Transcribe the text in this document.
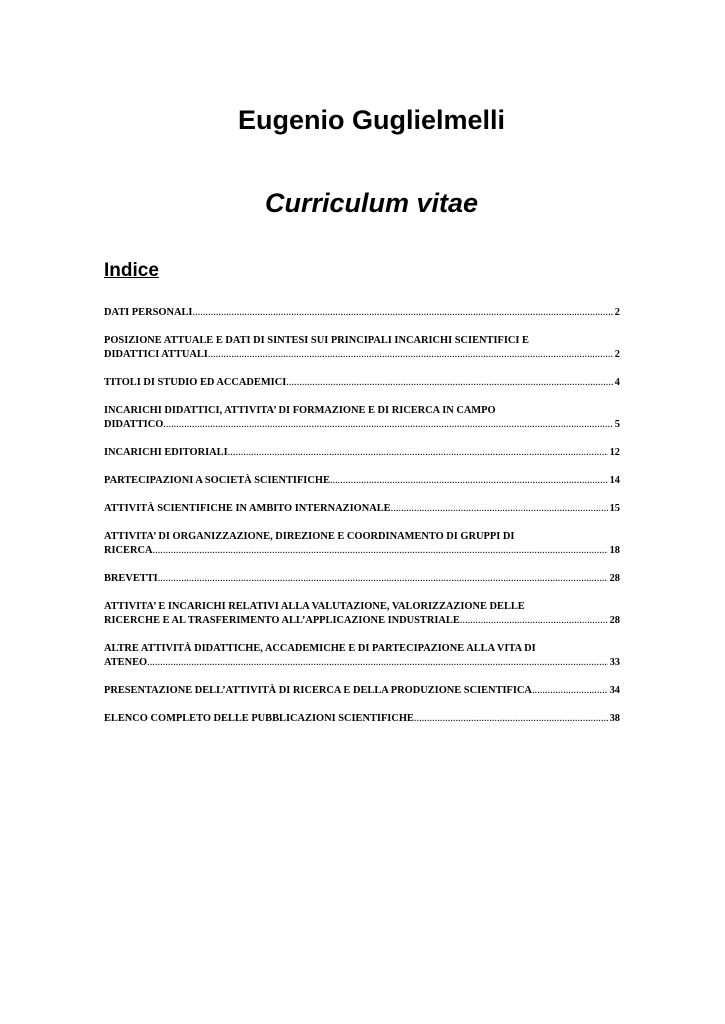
Eugenio Guglielmelli
Curriculum vitae
Indice
DATI PERSONALI .....	2
POSIZIONE ATTUALE E DATI DI SINTESI SUI PRINCIPALI INCARICHI SCIENTIFICI E
DIDATTICI ATTUALI .....	2
TITOLI DI STUDIO ED ACCADEMICI .....	4
INCARICHI DIDATTICI, ATTIVITA’ DI FORMAZIONE E DI RICERCA IN CAMPO
DIDATTICO .....	5
INCARICHI EDITORIALI .....	12
PARTECIPAZIONI A SOCIETÀ SCIENTIFICHE .....	14
ATTIVITÀ SCIENTIFICHE IN AMBITO INTERNAZIONALE .....	15
ATTIVITA’ DI ORGANIZZAZIONE, DIREZIONE E COORDINAMENTO DI GRUPPI DI
RICERCA .....	18
BREVETTI .....	28
ATTIVITA’ E INCARICHI RELATIVI ALLA VALUTAZIONE, VALORIZZAZIONE DELLE
RICERCHE E AL TRASFERIMENTO ALL’APPLICAZIONE INDUSTRIALE .....	28
ALTRE ATTIVITÀ DIDATTICHE, ACCADEMICHE E DI PARTECIPAZIONE ALLA VITA DI
ATENEO .....	33
PRESENTAZIONE DELL’ATTIVITÀ DI RICERCA E DELLA PRODUZIONE SCIENTIFICA .....	34
ELENCO COMPLETO DELLE PUBBLICAZIONI SCIENTIFICHE .....	38
